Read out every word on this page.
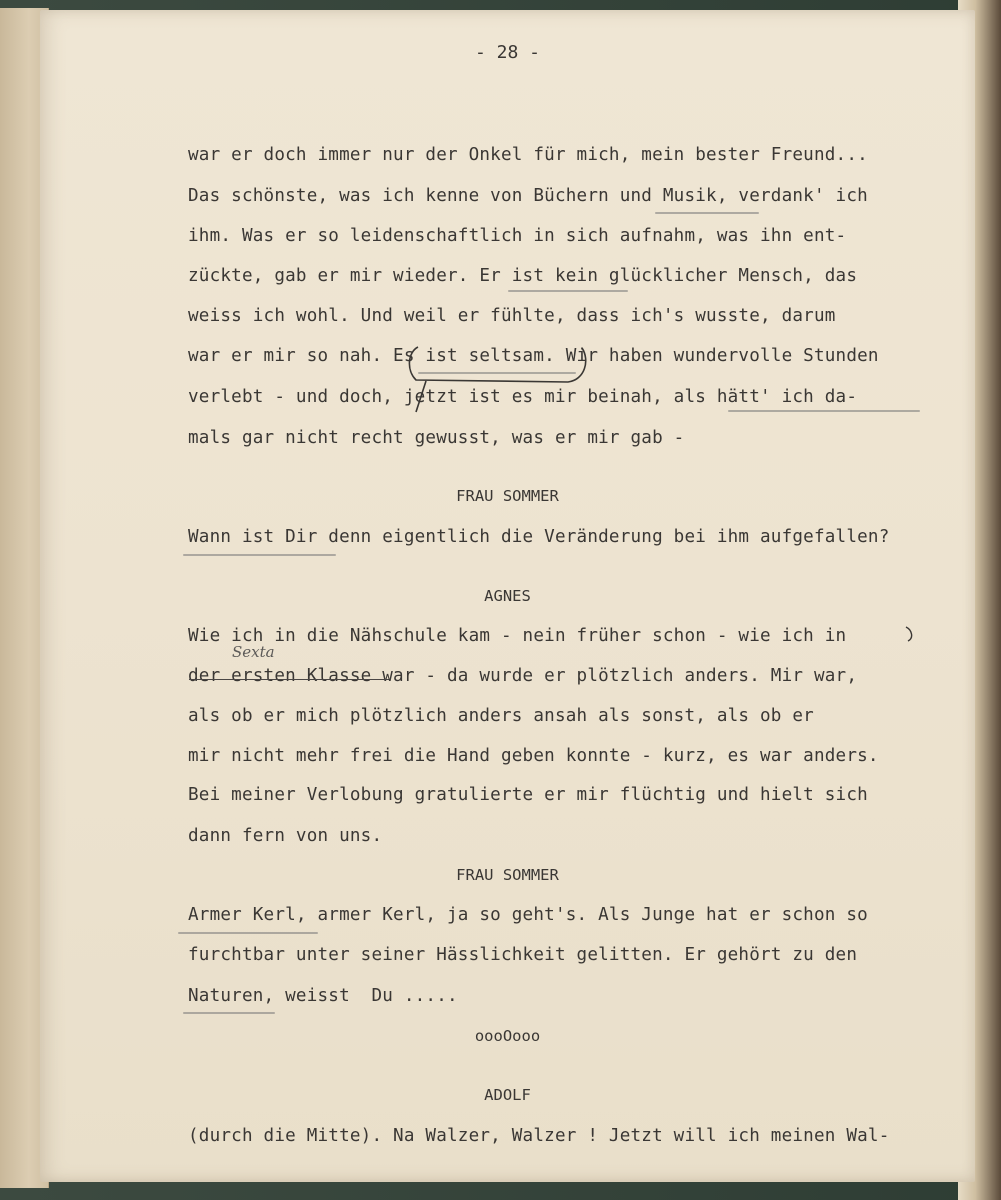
- 28 -
war er doch immer nur der Onkel für mich, mein bester Freund...
Das schönste, was ich kenne von Büchern und Musik, verdank' ich
ihm. Was er so leidenschaftlich in sich aufnahm, was ihn ent-
zückte, gab er mir wieder. Er ist kein glücklicher Mensch, das
weiss ich wohl. Und weil er fühlte, dass ich's wusste, darum
war er mir so nah. Es ist seltsam. Wir haben wundervolle Stunden
verlebt - und doch, jetzt ist es mir beinah, als hätt' ich da-
mals gar nicht recht gewusst, was er mir gab -
FRAU SOMMER
Wann ist Dir denn eigentlich die Veränderung bei ihm aufgefallen?
AGNES
Wie ich in die Nähschule kam - nein früher schon - wie ich in
der ersten Klasse war - da wurde er plötzlich anders. Mir war,
als ob er mich plötzlich anders ansah als sonst, als ob er
mir nicht mehr frei die Hand geben konnte - kurz, es war anders.
Bei meiner Verlobung gratulierte er mir flüchtig und hielt sich
dann fern von uns.
Sexta
FRAU SOMMER
Armer Kerl, armer Kerl, ja so geht's. Als Junge hat er schon so
furchtbar unter seiner Hässlichkeit gelitten. Er gehört zu den
Naturen, weisst  Du .....
oooOooo
ADOLF
(durch die Mitte). Na Walzer, Walzer ! Jetzt will ich meinen Wal-
